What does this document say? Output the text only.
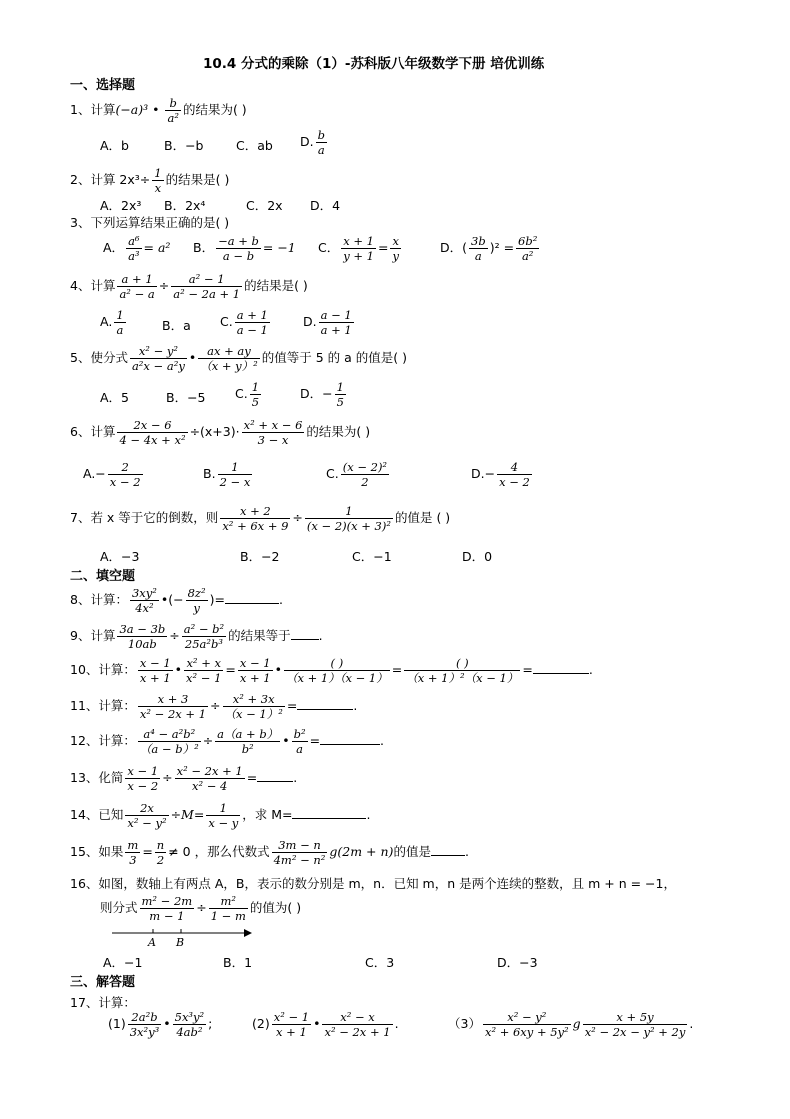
10.4 分式的乘除（1）-苏科版八年级数学下册 培优训练
一、选择题
1、计算(−a)³ • $\frac{b}{\text{a²}}$ 的结果为( )
A．b	B．−b	C．ab D. $\frac{b}{a}$
2、计算 $2x^3\div \frac{1}{x}$ 的结果是( )
A．2x³ B．2x⁴	C．2x D．4
3、下列运算结果正确的是( )
A． $\frac{\text{a⁶}}{\text{a³}} = a^2$ B． $\frac{-a + b}{a - b} = -1$ C． $\frac{x + 1}{y + 1} = \frac{x}{y}$	D．( $\frac{3b}{a} )^2 = \frac{\text{6b²}}{\text{a²}}$
4、计算 $\frac{a + 1}{\text{a² − a}} \div \frac{\text{a² − 1}}{\text{a² − 2a + 1}}$ 的结果是( )
A. $\frac{1}{a}$	B．a C. $\frac{a + 1}{a - 1}$	D. $\frac{a - 1}{a + 1}$
5、使分式 $\frac{\text{x² − y²}}{\text{a²x − a²y}}$ • $\frac{ax + ay}{\text{（x + y）²}}$ 的值等于 5 的 a 的值是( )
A．5	B．−5 C. $\frac{1}{5}$	D．− $\frac{1}{5}$
6、计算 $\frac{2x - 6}{\text{4 − 4x + x²}} \div(x+3)\cdot \frac{\text{x² + x − 6}}{3 - x}$ 的结果为( )
$A.- \frac{2}{x - 2}$	B. $\frac{1}{2 - x}$	C. $\frac{\text{(x − 2)²}}{2}$	$D.- \frac{4}{x - 2}$
7、若 x 等于它的倒数，则 $\frac{x + 2}{\text{x² + 6x + 9}} \div \frac{1}{\text{(x − 2)(x + 3)²}}$ 的值是 ( )
A．−3	B．−2	C．−1	D．0
二、填空题
8、计算： $\frac{\text{3xy²}}{\text{4x²}}$ •(− $\frac{\text{8z²}}{y}$ )=	.
9、计算 $\frac{3a - 3b}{10ab} \div \frac{\text{a² − b²}}{\text{25a²b³}}$ 的结果等于 .
10、计算： $\frac{x - 1}{x + 1}$ • $\frac{\text{x² + x}}{\text{x² − 1}} = \frac{x - 1}{x + 1}$ • $\frac{( )}{(x + 1)(x - 1)} = \frac{( )}{\text{（x + 1）²（x − 1）}}$ =	.
11、计算： $\frac{x + 3}{\text{x² − 2x + 1}} \div \frac{\text{x² + 3x}}{\text{（x − 1）²}}$ =	.
12、计算： $\frac{\text{a⁴ − a²b²}}{\text{（a − b）²}} \div \frac{a(a + b)}{\text{b²}}$ • $\frac{\text{b²}}{a}$ =	.
13、化简 $\frac{x - 1}{x - 2} \div \frac{\text{x² − 2x + 1}}{\text{x² − 4}}$ =	.
14、已知 $\frac{2x}{\text{x² − y²}} \div M= \frac{1}{x - y}$ ，求 M=	.
15、如果 $\frac{m}{3} = \frac{n}{2} \ne 0$ ，那么代数式 $\frac{3m - n}{\text{4m² − n²}} g(2m + n)$的值是	.
16、如图，数轴上有两点 A，B，表示的数分别是 m，n．已知 m，n 是两个连续的整数，且 m + n = −1，
则分式 $\frac{\text{m² − 2m}}{m - 1} \div \frac{\text{m²}}{1 - m}$ 的值为( )
A B
A．−1	B．1	C．3	D．−3
三、解答题
17、计算：
$(1) \frac{\text{2a²b}}{\text{3x²y³}}$ • $\frac{\text{5x³y²}}{\text{4ab²}}$ ;	$(2) \frac{\text{x² − 1}}{x + 1}$ • $\frac{\text{x² − x}}{\text{x² − 2x + 1}}$ .	$(3) \frac{\text{x² − y²}}{\text{x² + 6xy + 5y²}}$ g $\frac{x + 5y}{\text{x² − 2x − y² + 2y}}$ .
